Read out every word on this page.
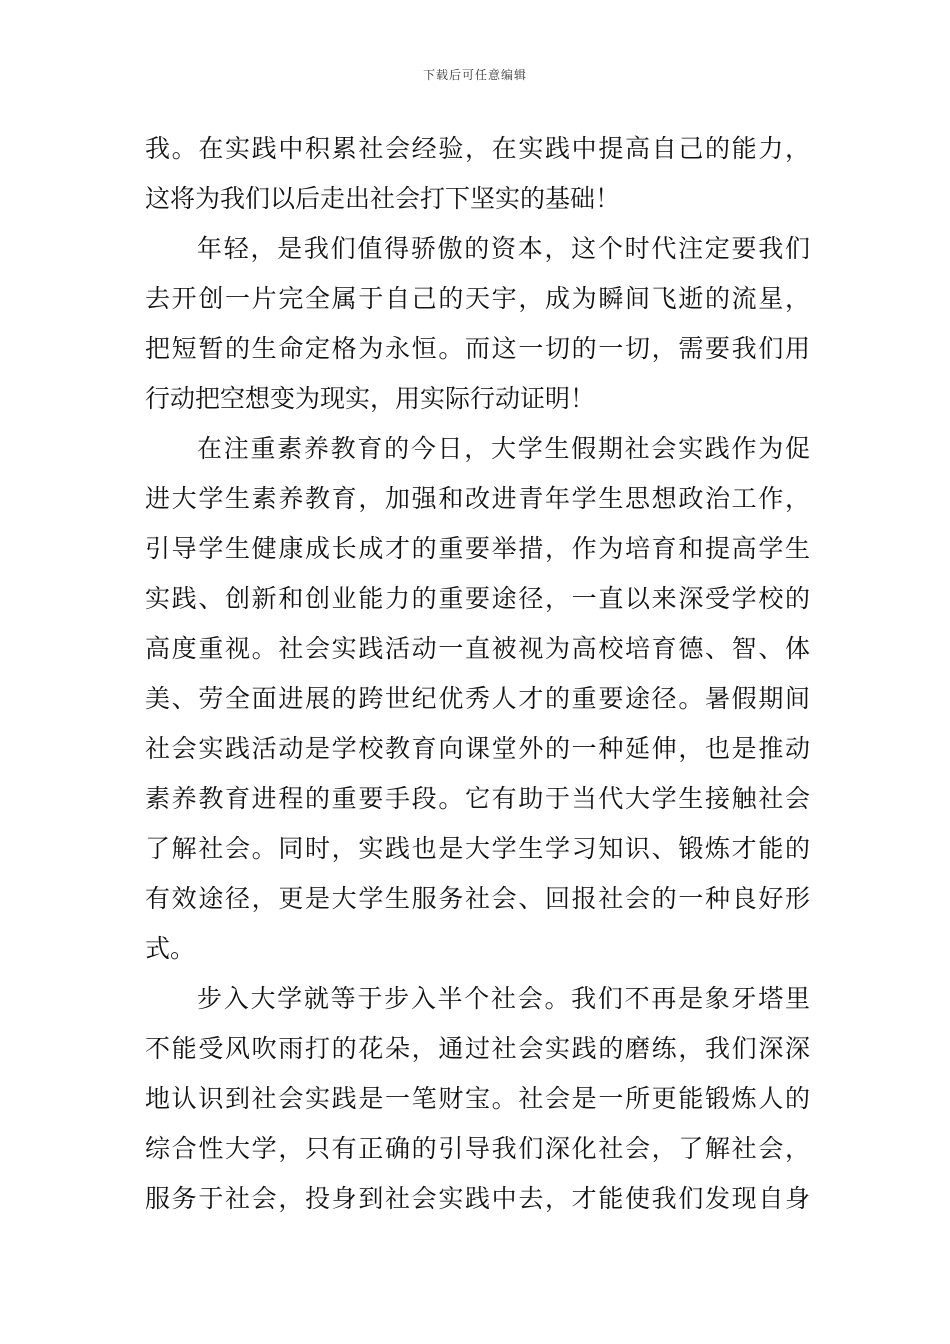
下载后可任意编辑
我。在实践中积累社会经验，在实践中提高自己的能力，
这将为我们以后走出社会打下坚实的基础！
年轻，是我们值得骄傲的资本，这个时代注定要我们
去开创一片完全属于自己的天宇，成为瞬间飞逝的流星，
把短暂的生命定格为永恒。而这一切的一切，需要我们用
行动把空想变为现实，用实际行动证明！
在注重素养教育的今日，大学生假期社会实践作为促
进大学生素养教育，加强和改进青年学生思想政治工作，
引导学生健康成长成才的重要举措，作为培育和提高学生
实践、创新和创业能力的重要途径，一直以来深受学校的
高度重视。社会实践活动一直被视为高校培育德、智、体
美、劳全面进展的跨世纪优秀人才的重要途径。暑假期间
社会实践活动是学校教育向课堂外的一种延伸，也是推动
素养教育进程的重要手段。它有助于当代大学生接触社会
了解社会。同时，实践也是大学生学习知识、锻炼才能的
有效途径，更是大学生服务社会、回报社会的一种良好形
式。
步入大学就等于步入半个社会。我们不再是象牙塔里
不能受风吹雨打的花朵，通过社会实践的磨练，我们深深
地认识到社会实践是一笔财宝。社会是一所更能锻炼人的
综合性大学，只有正确的引导我们深化社会，了解社会，
服务于社会，投身到社会实践中去，才能使我们发现自身
